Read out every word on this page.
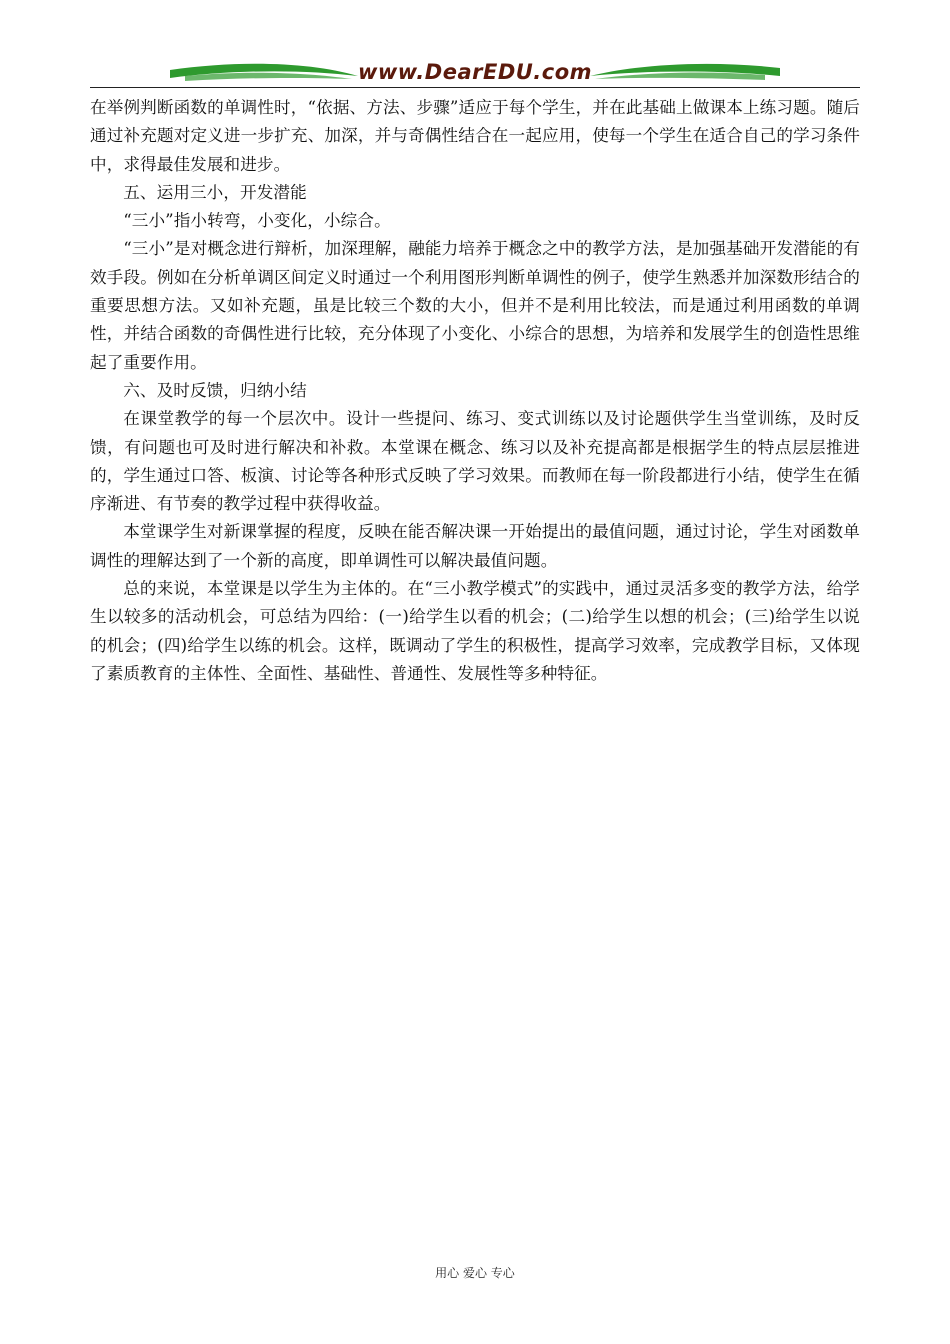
www.DearEDU.com

在举例判断函数的单调性时，“依据、方法、步骤”适应于每个学生，并在此基础上做课本上练习题。随后通过补充题对定义进一步扩充、加深，并与奇偶性结合在一起应用，使每一个学生在适合自己的学习条件中，求得最佳发展和进步。

五、运用三小，开发潜能

“三小”指小转弯，小变化，小综合。

“三小”是对概念进行辩析，加深理解，融能力培养于概念之中的教学方法，是加强基础开发潜能的有效手段。例如在分析单调区间定义时通过一个利用图形判断单调性的例子，使学生熟悉并加深数形结合的重要思想方法。又如补充题，虽是比较三个数的大小，但并不是利用比较法，而是通过利用函数的单调性，并结合函数的奇偶性进行比较，充分体现了小变化、小综合的思想，为培养和发展学生的创造性思维起了重要作用。

六、及时反馈，归纳小结

在课堂教学的每一个层次中。设计一些提问、练习、变式训练以及讨论题供学生当堂训练，及时反馈，有问题也可及时进行解决和补救。本堂课在概念、练习以及补充提高都是根据学生的特点层层推进的，学生通过口答、板演、讨论等各种形式反映了学习效果。而教师在每一阶段都进行小结，使学生在循序渐进、有节奏的教学过程中获得收益。

本堂课学生对新课掌握的程度，反映在能否解决课一开始提出的最值问题，通过讨论，学生对函数单调性的理解达到了一个新的高度，即单调性可以解决最值问题。

总的来说，本堂课是以学生为主体的。在“三小教学模式”的实践中，通过灵活多变的教学方法，给学生以较多的活动机会，可总结为四给：(一)给学生以看的机会；(二)给学生以想的机会；(三)给学生以说的机会；(四)给学生以练的机会。这样，既调动了学生的积极性，提高学习效率，完成教学目标，又体现了素质教育的主体性、全面性、基础性、普通性、发展性等多种特征。

用心 爱心 专心
